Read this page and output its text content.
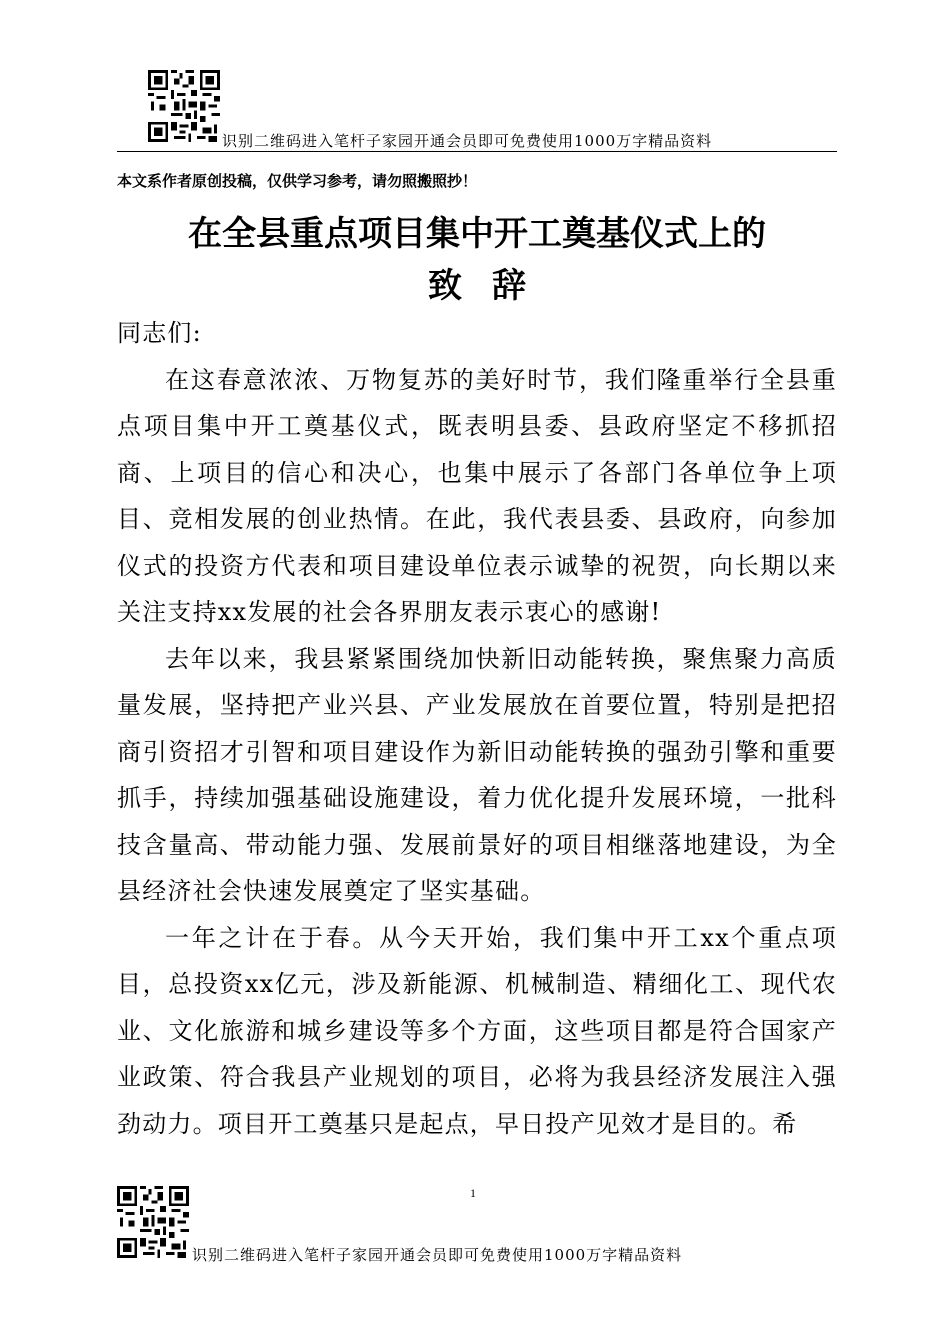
识别二维码进入笔杆子家园开通会员即可免费使用1000万字精品资料
本文系作者原创投稿，仅供学习参考，请勿照搬照抄！
在全县重点项目集中开工奠基仪式上的
致辞

同志们:

在这春意浓浓、万物复苏的美好时节，我们隆重举行全县重点项目集中开工奠基仪式，既表明县委、县政府坚定不移抓招商、上项目的信心和决心，也集中展示了各部门各单位争上项目、竞相发展的创业热情。在此，我代表县委、县政府，向参加仪式的投资方代表和项目建设单位表示诚挚的祝贺，向长期以来关注支持xx发展的社会各界朋友表示衷心的感谢!

去年以来，我县紧紧围绕加快新旧动能转换，聚焦聚力高质量发展，坚持把产业兴县、产业发展放在首要位置，特别是把招商引资招才引智和项目建设作为新旧动能转换的强劲引擎和重要抓手，持续加强基础设施建设，着力优化提升发展环境，一批科技含量高、带动能力强、发展前景好的项目相继落地建设，为全县经济社会快速发展奠定了坚实基础。

一年之计在于春。从今天开始，我们集中开工xx个重点项目，总投资xx亿元，涉及新能源、机械制造、精细化工、现代农业、文化旅游和城乡建设等多个方面，这些项目都是符合国家产业政策、符合我县产业规划的项目，必将为我县经济发展注入强劲动力。项目开工奠基只是起点，早日投产见效才是目的。希

1
识别二维码进入笔杆子家园开通会员即可免费使用1000万字精品资料
